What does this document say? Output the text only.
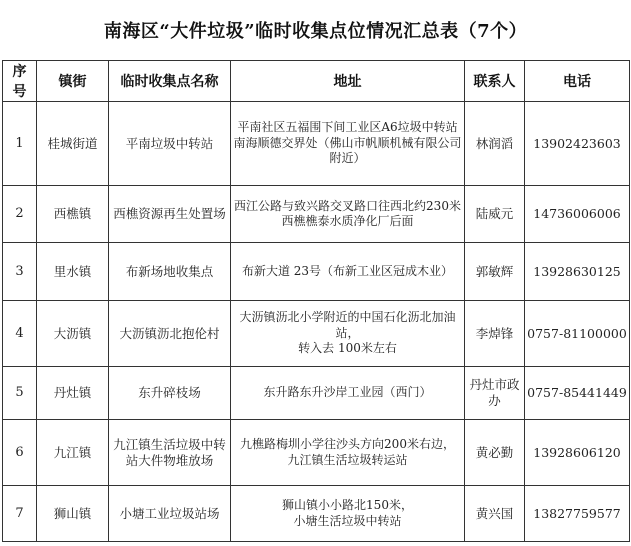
南海区“大件垃圾”临时收集点位情况汇总表（7个）
序号	镇街	临时收集点名称	地址	联系人	电话
1	桂城街道	平南垃圾中转站	平南社区五福围下间工业区A6垃圾中转站
南海顺德交界处（佛山市帆顺机械有限公司附近）	林润滔	13902423603
2	西樵镇	西樵资源再生处置场	西江公路与致兴路交叉路口往西北约230米
西樵樵泰水质净化厂后面	陆威元	14736006006
3	里水镇	布新场地收集点	布新大道 23号（布新工业区冠成木业）	郭敏辉	13928630125
4	大沥镇	大沥镇沥北抱伦村	大沥镇沥北小学附近的中国石化沥北加油站，
转入去 100米左右	李焯锋	0757-81100000
5	丹灶镇	东升碎枝场	东升路东升沙岸工业园（西门）	丹灶市政办	0757-85441449
6	九江镇	九江镇生活垃圾中转站大件物堆放场	九樵路梅圳小学往沙头方向200米右边，
九江镇生活垃圾转运站	黄必勤	13928606120
7	狮山镇	小塘工业垃圾站场	狮山镇小小路北150米，
小塘生活垃圾中转站	黄兴国	13827759577
